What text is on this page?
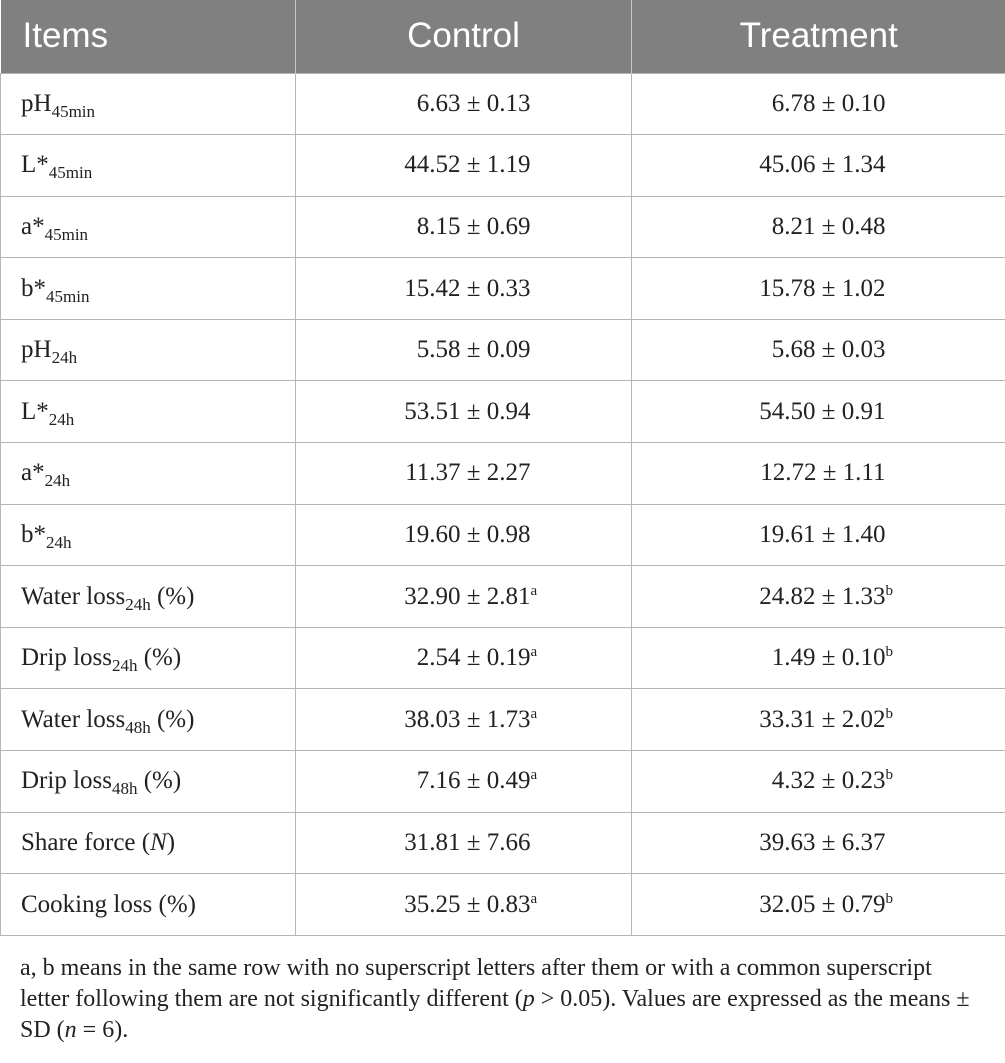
Items	Control	Treatment
$pH_{45min}$	6.63 ± 0.13	6.78 ± 0.10
$L*_{45min}$	44.52 ± 1.19	45.06 ± 1.34
$a*_{45min}$	8.15 ± 0.69	8.21 ± 0.48
$b*_{45min}$	15.42 ± 0.33	15.78 ± 1.02
$pH_{24h}$	5.58 ± 0.09	5.68 ± 0.03
$L*_{24h}$	53.51 ± 0.94	54.50 ± 0.91
$a*_{24h}$	11.37 ± 2.27	12.72 ± 1.11
$b*_{24h}$	19.60 ± 0.98	19.61 ± 1.40
Water loss$_{24h}$ (%)	32.90 ± 2.81$^a$	24.82 ± 1.33$^b$
Drip loss$_{24h}$ (%)	2.54 ± 0.19$^a$	1.49 ± 0.10$^b$
Water loss$_{48h}$ (%)	38.03 ± 1.73$^a$	33.31 ± 2.02$^b$
Drip loss$_{48h}$ (%)	7.16 ± 0.49$^a$	4.32 ± 0.23$^b$
Share force (N)	31.81 ± 7.66	39.63 ± 6.37
Cooking loss (%)	35.25 ± 0.83$^a$	32.05 ± 0.79$^b$
a, b means in the same row with no superscript letters after them or with a common superscript letter following them are not significantly different (p > 0.05). Values are expressed as the means ± SD (n = 6).
